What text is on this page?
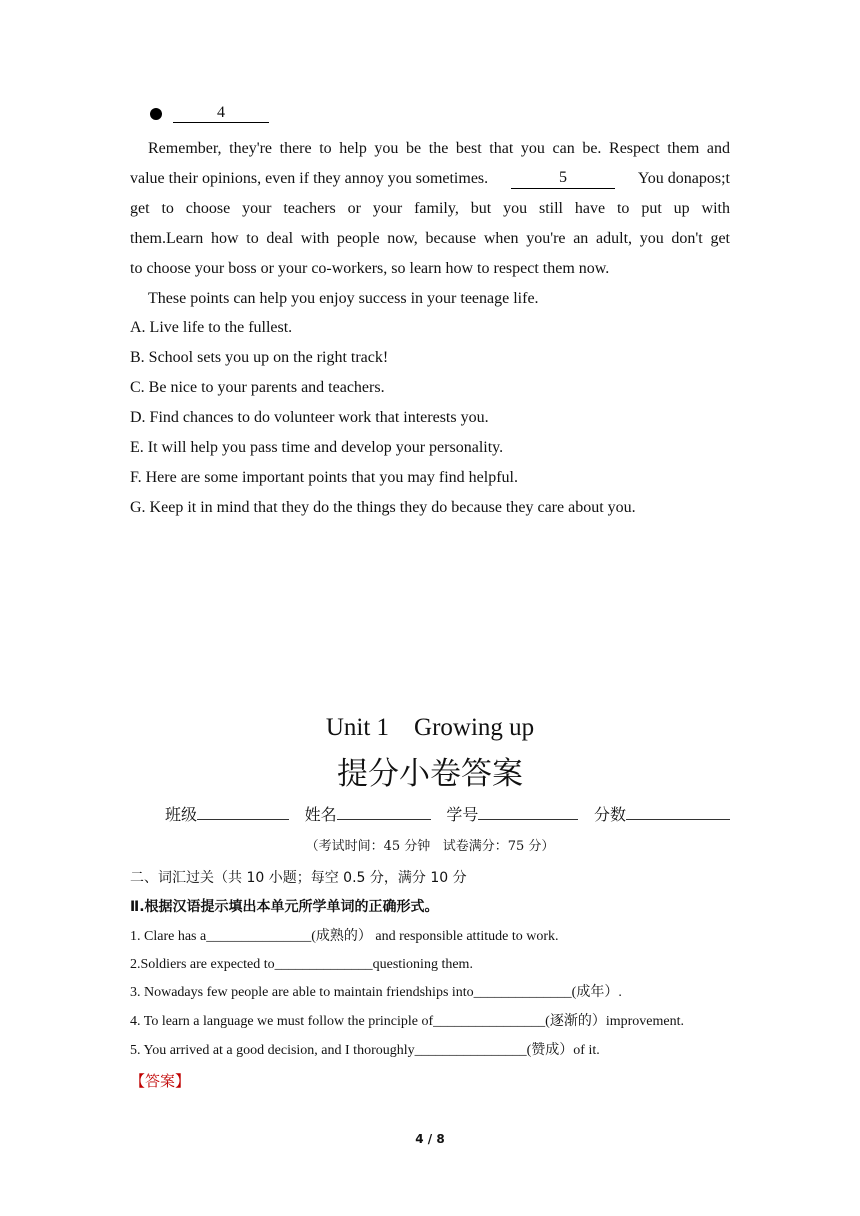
4
Remember, they're there to help you be the best that you can be. Respect them and
value their opinions, even if they annoy you sometimes.	5	You donapos;t
get to choose your teachers or your family, but you still have to put up with
them.Learn how to deal with people now, because when you're an adult, you don't get
to choose your boss or your co-workers, so learn how to respect them now.
These points can help you enjoy success in your teenage life.
A. Live life to the fullest.
B. School sets you up on the right track!
C. Be nice to your parents and teachers.
D. Find chances to do volunteer work that interests you.
E. It will help you pass time and develop your personality.
F. Here are some important points that you may find helpful.
G. Keep it in mind that they do the things they do because they care about you.
Unit 1    Growing up
提分小卷答案
班级	姓名	学号	分数
（考试时间：45 分钟   试卷满分：75 分）
二、词汇过关（共 10 小题；每空 0.5 分，满分 10 分
Ⅱ.根据汉语提示填出本单元所学单词的正确形式。
1. Clare has a_______________(成熟的） and responsible attitude to work.
2.Soldiers are expected to______________questioning them.
3. Nowadays few people are able to maintain friendships into______________(成年）.
4. To learn a language we must follow the principle of________________(逐渐的）improvement.
5. You arrived at a good decision, and I thoroughly________________(赞成）of it.
【答案】
4 / 8
